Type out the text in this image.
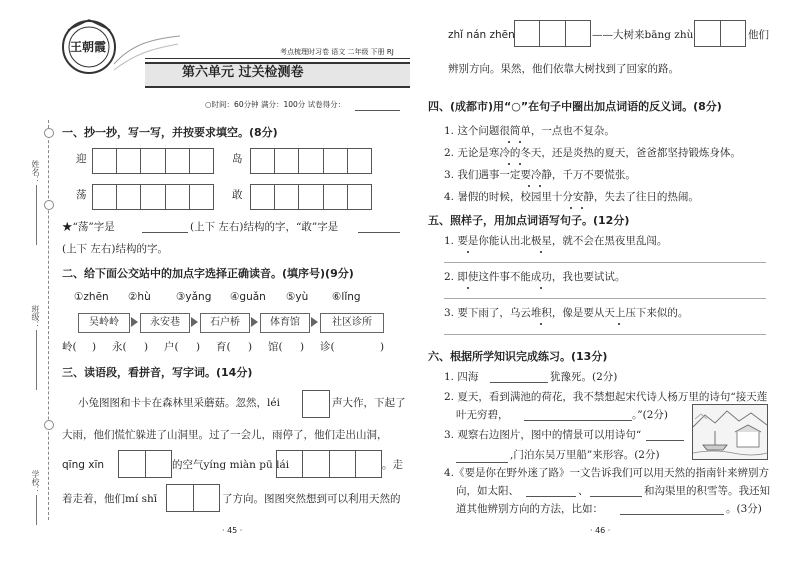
王朝霞	考点梳理时习卷 语文 二年级 下册 RJ
第六单元 过关检测卷
○时间：60分钟 满分：100分 试卷得分：
姓名：
班级：
学校：
一、抄一抄，写一写，并按要求填空。(8分)
迎	岛
荡	敢
★“荡”字是	(上下 左右)结构的字，“敢”字是
(上下 左右)结构的字。
二、给下面公交站中的加点字选择正确读音。(填序号)(9分)
①zhēn ②hù ③yǎng ④guǎn ⑤yù ⑥lǐng
吴岭岭	永安巷	石户桥	体育馆	社区诊所
岭( ) 永( ) 户( ) 育( ) 馆( ) 诊(	)
三、读语段，看拼音，写字词。(14分)
小兔图图和卡卡在森林里采蘑菇。忽然，léi	声大作，下起了
大雨，他们慌忙躲进了山洞里。过了一会儿，雨停了，他们走出山洞，
qīng xīn	的空气yíng miàn pū lái	。走
着走着，他们mí shī	了方向。图图突然想到可以利用天然的
· 45 ·
zhǐ nán zhēn	——大树来bāng zhù	他们
辨别方向。果然，他们依靠大树找到了回家的路。
四、(成都市)用“○”在句子中圈出加点词语的反义词。(8分)
1. 这个问题很简单，一点也不复杂。
2. 无论是寒冷的冬天，还是炎热的夏天，爸爸都坚持锻炼身体。
3. 我们遇事一定要冷静，千万不要慌张。
4. 暑假的时候，校园里十分安静，失去了往日的热闹。
五、照样子，用加点词语写句子。(12分)
1. 要是你能认出北极星，就不会在黑夜里乱闯。
2. 即使这件事不能成功，我也要试试。
3. 要下雨了，乌云堆积，像是要从天上压下来似的。
六、根据所学知识完成练习。(13分)
1. 四海	犹豫死。(2分)
2. 夏天，看到满池的荷花，我不禁想起宋代诗人杨万里的诗句“接天莲
叶无穷碧，	。”(2分)
3. 观察右边图片，图中的情景可以用诗句“
,门泊东吴万里船”来形容。(2分)
4.《要是你在野外迷了路》一文告诉我们可以用天然的指南针来辨别方
向，如太阳、	、	和沟渠里的积雪等。我还知
道其他辨别方向的方法，比如：	。(3分)
· 46 ·
